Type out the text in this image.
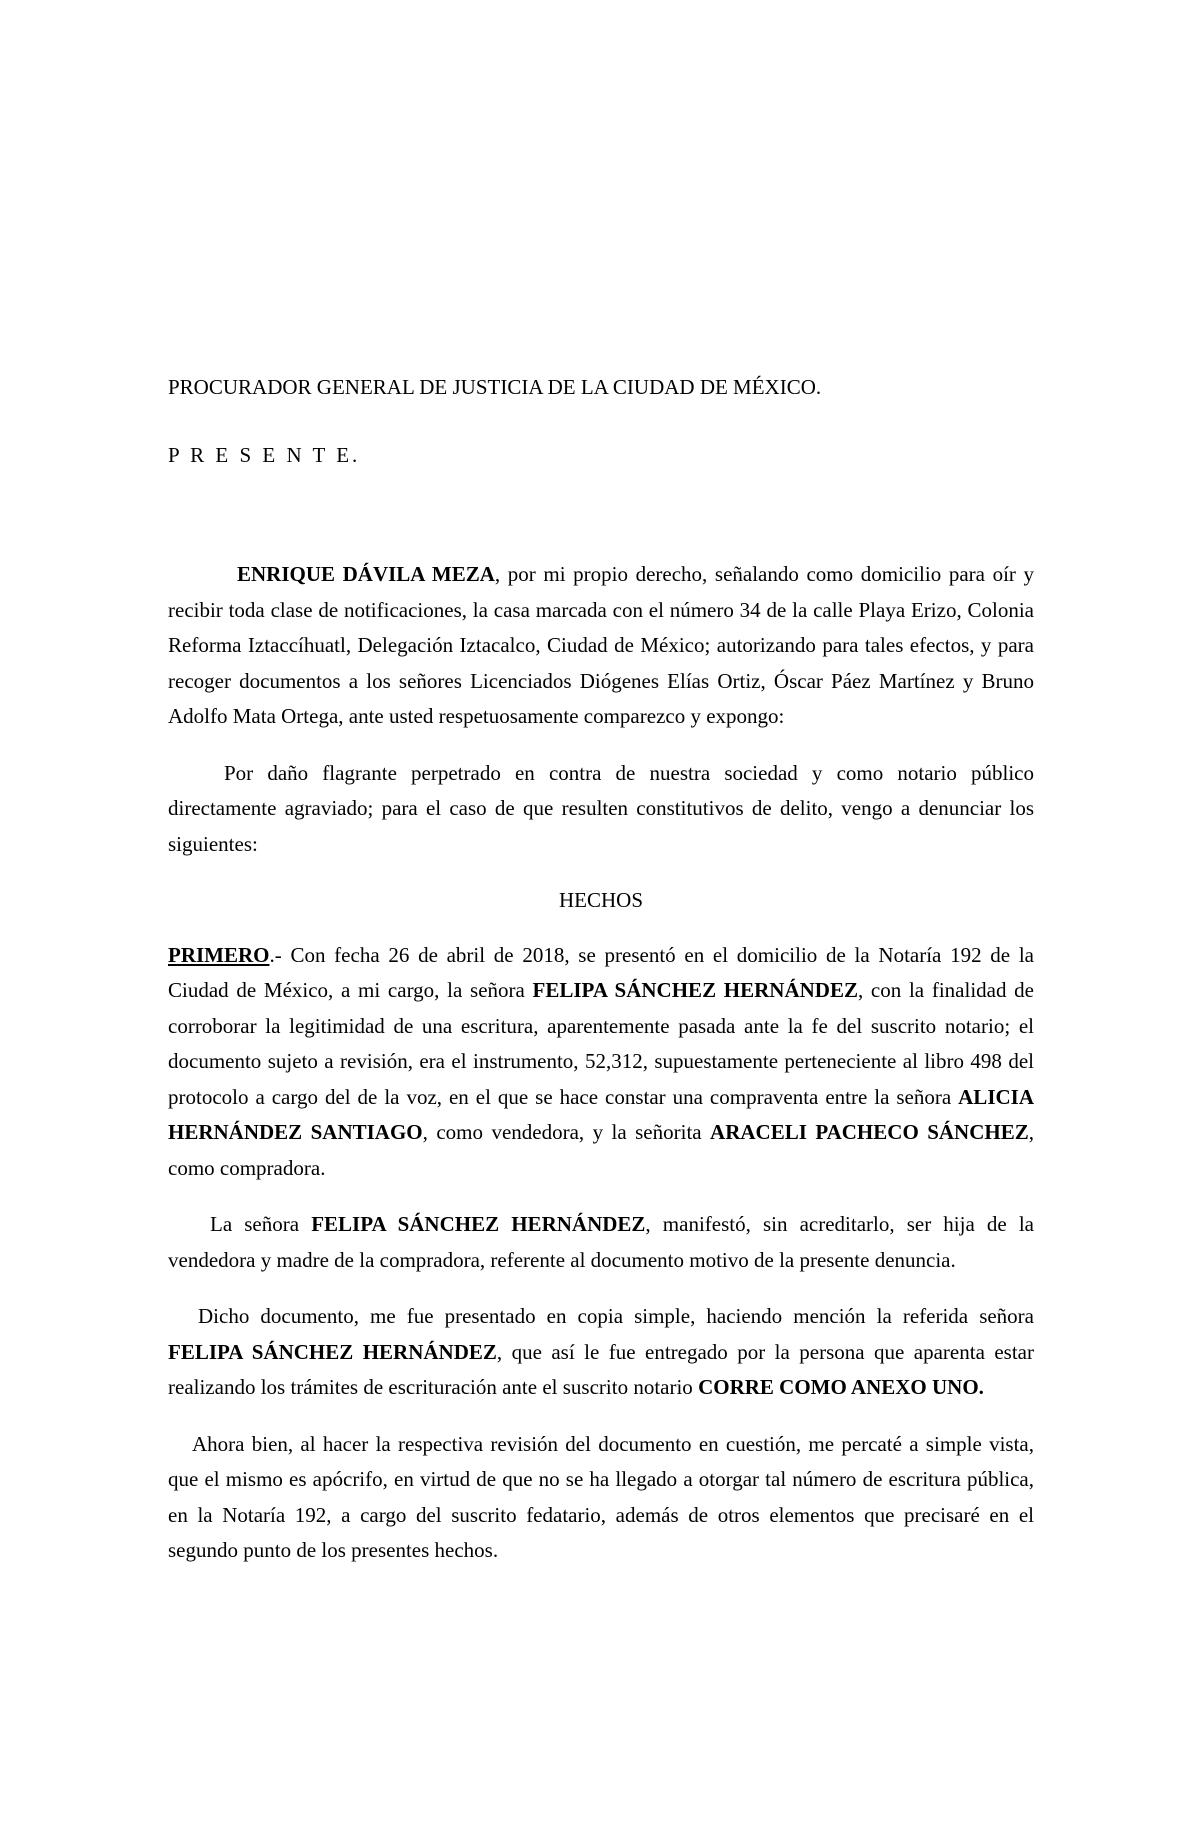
PROCURADOR GENERAL DE JUSTICIA DE LA CIUDAD DE MÉXICO.

P R E S E N T E.

ENRIQUE DÁVILA MEZA, por mi propio derecho, señalando como domicilio para oír y recibir toda clase de notificaciones, la casa marcada con el número 34 de la calle Playa Erizo, Colonia Reforma Iztaccíhuatl, Delegación Iztacalco, Ciudad de México; autorizando para tales efectos, y para recoger documentos a los señores Licenciados Diógenes Elías Ortiz, Óscar Páez Martínez y Bruno Adolfo Mata Ortega, ante usted respetuosamente comparezco y expongo:

Por daño flagrante perpetrado en contra de nuestra sociedad y como notario público directamente agraviado; para el caso de que resulten constitutivos de delito, vengo a denunciar los siguientes:

HECHOS

PRIMERO.- Con fecha 26 de abril de 2018, se presentó en el domicilio de la Notaría 192 de la Ciudad de México, a mi cargo, la señora FELIPA SÁNCHEZ HERNÁNDEZ, con la finalidad de corroborar la legitimidad de una escritura, aparentemente pasada ante la fe del suscrito notario; el documento sujeto a revisión, era el instrumento, 52,312, supuestamente perteneciente al libro 498 del protocolo a cargo del de la voz, en el que se hace constar una compraventa entre la señora ALICIA HERNÁNDEZ SANTIAGO, como vendedora, y la señorita ARACELI PACHECO SÁNCHEZ, como compradora.

La señora FELIPA SÁNCHEZ HERNÁNDEZ, manifestó, sin acreditarlo, ser hija de la vendedora y madre de la compradora, referente al documento motivo de la presente denuncia.

Dicho documento, me fue presentado en copia simple, haciendo mención la referida señora FELIPA SÁNCHEZ HERNÁNDEZ, que así le fue entregado por la persona que aparenta estar realizando los trámites de escrituración ante el suscrito notario CORRE COMO ANEXO UNO.

Ahora bien, al hacer la respectiva revisión del documento en cuestión, me percaté a simple vista, que el mismo es apócrifo, en virtud de que no se ha llegado a otorgar tal número de escritura pública, en la Notaría 192, a cargo del suscrito fedatario, además de otros elementos que precisaré en el segundo punto de los presentes hechos.
